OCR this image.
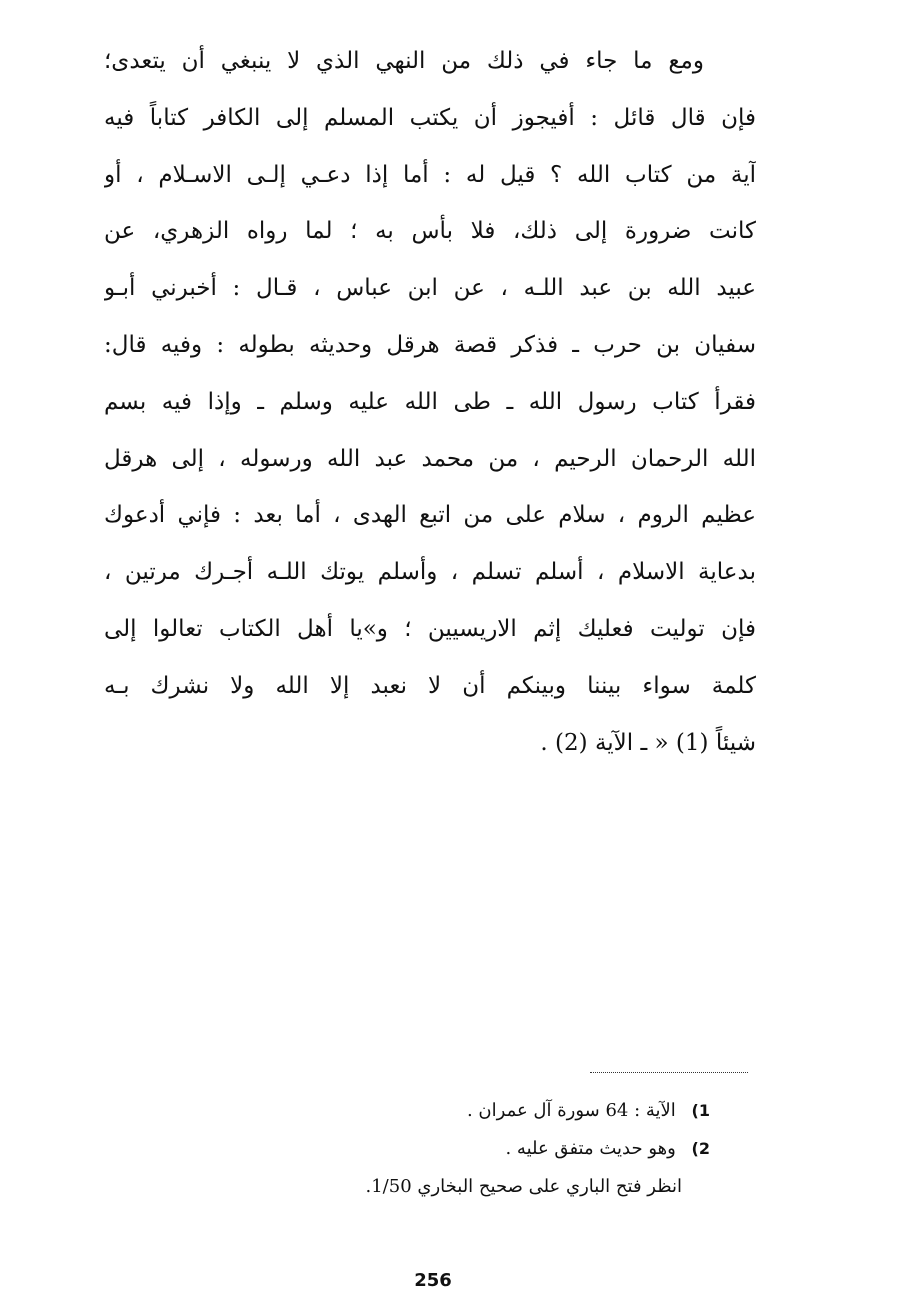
ومع ما جاء في ذلك من النهي الذي لا ينبغي أن يتعدى؛
فإن قال قائل : أفيجوز أن يكتب المسلم إلى الكافر كتاباً فيه
آية من كتاب الله ؟ قيل له : أما إذا دعـي إلـى الاسـلام ، أو
كانت ضرورة إلى ذلك، فلا بأس به ؛ لما رواه الزهري، عن
عبيد الله بن عبد اللـه ، عن ابن عباس ، قـال : أخبرني أبـو
سفيان بن حرب ـ فذكر قصة هرقل وحديثه بطوله : وفيه قال:
فقرأ كتاب رسول الله ـ طى الله عليه وسلم ـ وإذا فيه بسم
الله الرحمان الرحيم ، من محمد عبد الله ورسوله ، إلى هرقل
عظيم الروم ، سلام على من اتبع الهدى ، أما بعد : فإني أدعوك
بدعاية الاسلام ، أسلم تسلم ، وأسلم يوتك اللـه أجـرك مرتين ،
فإن توليت فعليك إثم الاريسيين ؛ و»يا أهل الكتاب تعالوا إلى
كلمة سواء بيننا وبينكم أن لا نعبد إلا الله ولا نشرك بـه
شيئاً (1) « ـ الآية (2) .
1) الآية : 64 سورة آل عمران .
2) وهو حديث متفق عليه .
انظر فتح الباري على صحيح البخاري 1/50.
256
